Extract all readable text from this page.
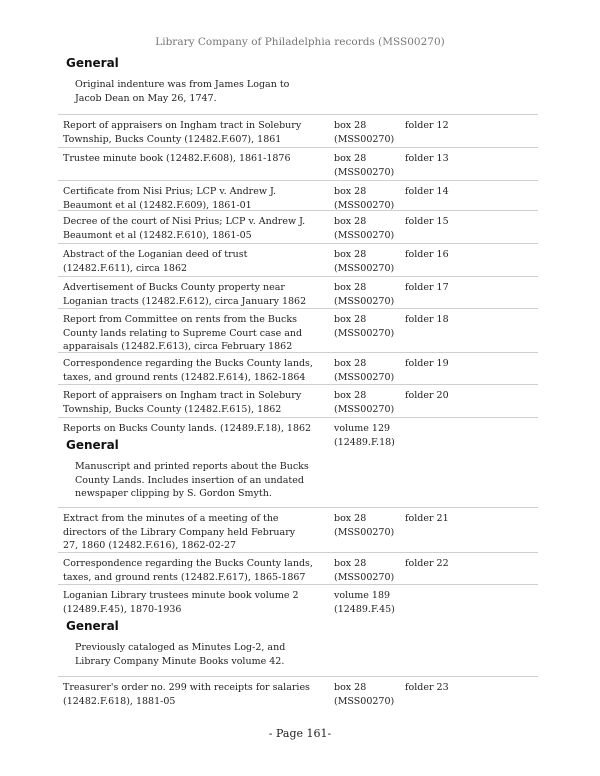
Library Company of Philadelphia records (MSS00270)
General
Original indenture was from James Logan to Jacob Dean on May 26, 1747.
Report of appraisers on Ingham tract in Solebury Township, Bucks County (12482.F.607), 1861
box 28 (MSS00270)
folder 12
Trustee minute book (12482.F.608), 1861-1876	box 28 (MSS00270)
folder 13
Certificate from Nisi Prius; LCP v. Andrew J. Beaumont et al (12482.F.609), 1861-01
box 28 (MSS00270)
folder 14
Decree of the court of Nisi Prius; LCP v. Andrew J. Beaumont et al (12482.F.610), 1861-05
box 28 (MSS00270)
folder 15
Abstract of the Loganian deed of trust (12482.F.611), circa 1862
box 28 (MSS00270)
folder 16
Advertisement of Bucks County property near Loganian tracts (12482.F.612), circa January 1862
box 28 (MSS00270)
folder 17
Report from Committee on rents from the Bucks County lands relating to Supreme Court case and apparaisals (12482.F.613), circa February 1862
box 28 (MSS00270)
folder 18
Correspondence regarding the Bucks County lands, taxes, and ground rents (12482.F.614), 1862-1864
box 28 (MSS00270)
folder 19
Report of appraisers on Ingham tract in Solebury Township, Bucks County (12482.F.615), 1862
box 28 (MSS00270)
folder 20
Reports on Bucks County lands. (12489.F.18), 1862 volume 129 (12489.F.18)
General
Manuscript and printed reports about the Bucks County Lands. Includes insertion of an undated newspaper clipping by S. Gordon Smyth.
Extract from the minutes of a meeting of the directors of the Library Company held February 27, 1860 (12482.F.616), 1862-02-27
box 28 (MSS00270)
folder 21
Correspondence regarding the Bucks County lands, taxes, and ground rents (12482.F.617), 1865-1867
box 28 (MSS00270)
folder 22
Loganian Library trustees minute book volume 2 (12489.F.45), 1870-1936
volume 189 (12489.F.45)
General
Previously cataloged as Minutes Log-2, and Library Company Minute Books volume 42.
Treasurer's order no. 299 with receipts for salaries (12482.F.618), 1881-05
box 28 (MSS00270)
folder 23
- Page 161-
